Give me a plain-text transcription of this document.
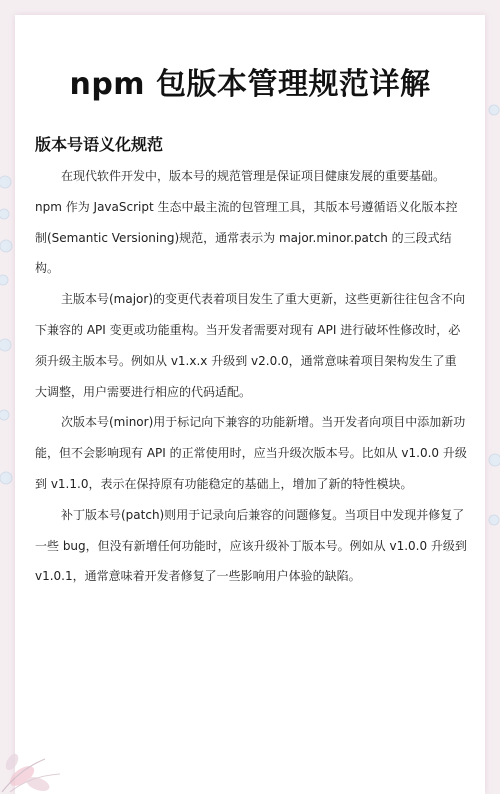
npm 包版本管理规范详解
版本号语义化规范

在现代软件开发中，版本号的规范管理是保证项目健康发展的重要基础。npm 作为 JavaScript 生态中最主流的包管理工具，其版本号遵循语义化版本控制(Semantic Versioning)规范，通常表示为 major.minor.patch 的三段式结构。

主版本号(major)的变更代表着项目发生了重大更新，这些更新往往包含不向下兼容的 API 变更或功能重构。当开发者需要对现有 API 进行破坏性修改时，必须升级主版本号。例如从 v1.x.x 升级到 v2.0.0，通常意味着项目架构发生了重大调整，用户需要进行相应的代码适配。

次版本号(minor)用于标记向下兼容的功能新增。当开发者向项目中添加新功能，但不会影响现有 API 的正常使用时，应当升级次版本号。比如从 v1.0.0 升级到 v1.1.0，表示在保持原有功能稳定的基础上，增加了新的特性模块。

补丁版本号(patch)则用于记录向后兼容的问题修复。当项目中发现并修复了一些 bug，但没有新增任何功能时，应该升级补丁版本号。例如从 v1.0.0 升级到 v1.0.1，通常意味着开发者修复了一些影响用户体验的缺陷。
